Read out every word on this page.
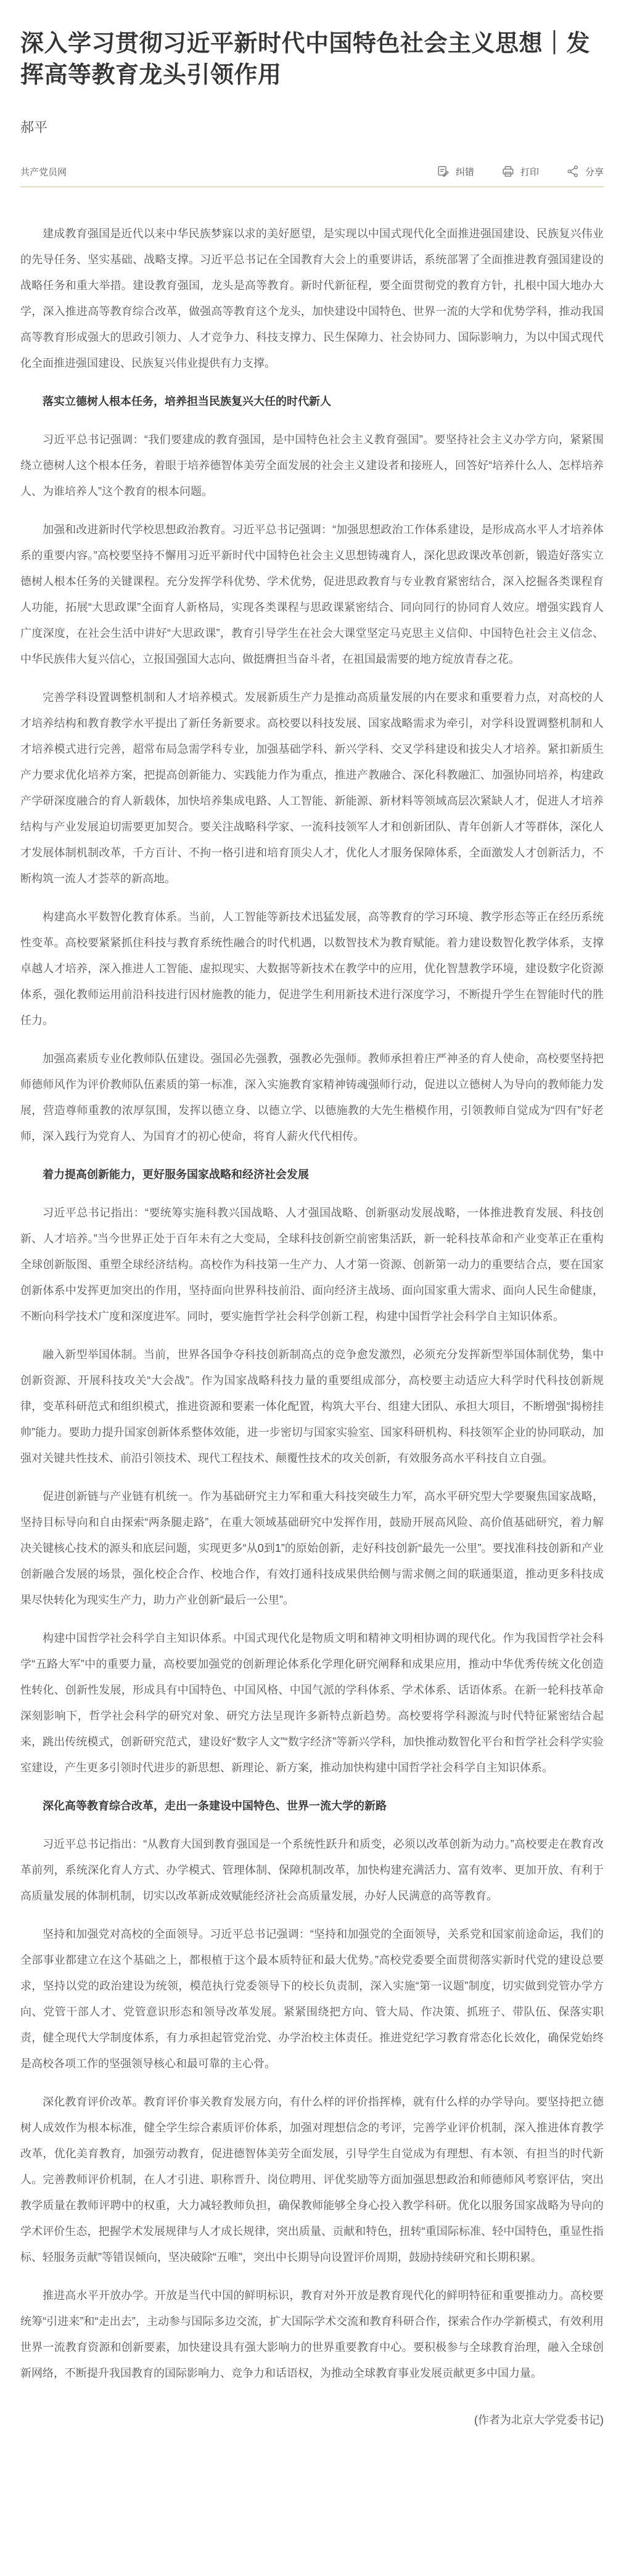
深入学习贯彻习近平新时代中国特色社会主义思想｜发挥高等教育龙头引领作用
郝平
共产党员网	纠错	打印	分享

建成教育强国是近代以来中华民族梦寐以求的美好愿望，是实现以中国式现代化全面推进强国建设、民族复兴伟业的先导任务、坚实基础、战略支撑。习近平总书记在全国教育大会上的重要讲话，系统部署了全面推进教育强国建设的战略任务和重大举措。建设教育强国，龙头是高等教育。新时代新征程，要全面贯彻党的教育方针，扎根中国大地办大学，深入推进高等教育综合改革，做强高等教育这个龙头，加快建设中国特色、世界一流的大学和优势学科，推动我国高等教育形成强大的思政引领力、人才竞争力、科技支撑力、民生保障力、社会协同力、国际影响力，为以中国式现代化全面推进强国建设、民族复兴伟业提供有力支撑。

落实立德树人根本任务，培养担当民族复兴大任的时代新人

习近平总书记强调：“我们要建成的教育强国，是中国特色社会主义教育强国”。要坚持社会主义办学方向，紧紧围绕立德树人这个根本任务，着眼于培养德智体美劳全面发展的社会主义建设者和接班人，回答好“培养什么人、怎样培养人、为谁培养人”这个教育的根本问题。

加强和改进新时代学校思想政治教育。习近平总书记强调：“加强思想政治工作体系建设，是形成高水平人才培养体系的重要内容。”高校要坚持不懈用习近平新时代中国特色社会主义思想铸魂育人，深化思政课改革创新，锻造好落实立德树人根本任务的关键课程。充分发挥学科优势、学术优势，促进思政教育与专业教育紧密结合，深入挖掘各类课程育人功能，拓展“大思政课”全面育人新格局，实现各类课程与思政课紧密结合、同向同行的协同育人效应。增强实践育人广度深度，在社会生活中讲好“大思政课”，教育引导学生在社会大课堂坚定马克思主义信仰、中国特色社会主义信念、中华民族伟大复兴信心，立报国强国大志向、做挺膺担当奋斗者，在祖国最需要的地方绽放青春之花。

完善学科设置调整机制和人才培养模式。发展新质生产力是推动高质量发展的内在要求和重要着力点，对高校的人才培养结构和教育教学水平提出了新任务新要求。高校要以科技发展、国家战略需求为牵引，对学科设置调整机制和人才培养模式进行完善，超常布局急需学科专业，加强基础学科、新兴学科、交叉学科建设和拔尖人才培养。紧扣新质生产力要求优化培养方案，把提高创新能力、实践能力作为重点，推进产教融合、深化科教融汇、加强协同培养，构建政产学研深度融合的育人新载体，加快培养集成电路、人工智能、新能源、新材料等领域高层次紧缺人才，促进人才培养结构与产业发展迫切需要更加契合。要关注战略科学家、一流科技领军人才和创新团队、青年创新人才等群体，深化人才发展体制机制改革，千方百计、不拘一格引进和培育顶尖人才，优化人才服务保障体系，全面激发人才创新活力，不断构筑一流人才荟萃的新高地。

构建高水平数智化教育体系。当前，人工智能等新技术迅猛发展，高等教育的学习环境、教学形态等正在经历系统性变革。高校要紧紧抓住科技与教育系统性融合的时代机遇，以数智技术为教育赋能。着力建设数智化教学体系，支撑卓越人才培养，深入推进人工智能、虚拟现实、大数据等新技术在教学中的应用，优化智慧教学环境，建设数字化资源体系，强化教师运用前沿科技进行因材施教的能力，促进学生利用新技术进行深度学习，不断提升学生在智能时代的胜任力。

加强高素质专业化教师队伍建设。强国必先强教，强教必先强师。教师承担着庄严神圣的育人使命，高校要坚持把师德师风作为评价教师队伍素质的第一标准，深入实施教育家精神铸魂强师行动，促进以立德树人为导向的教师能力发展，营造尊师重教的浓厚氛围，发挥以德立身、以德立学、以德施教的大先生楷模作用，引领教师自觉成为“四有”好老师，深入践行为党育人、为国育才的初心使命，将育人薪火代代相传。

着力提高创新能力，更好服务国家战略和经济社会发展

习近平总书记指出：“要统筹实施科教兴国战略、人才强国战略、创新驱动发展战略，一体推进教育发展、科技创新、人才培养。”当今世界正处于百年未有之大变局，全球科技创新空前密集活跃，新一轮科技革命和产业变革正在重构全球创新版图、重塑全球经济结构。高校作为科技第一生产力、人才第一资源、创新第一动力的重要结合点，要在国家创新体系中发挥更加突出的作用，坚持面向世界科技前沿、面向经济主战场、面向国家重大需求、面向人民生命健康，不断向科学技术广度和深度进军。同时，要实施哲学社会科学创新工程，构建中国哲学社会科学自主知识体系。

融入新型举国体制。当前，世界各国争夺科技创新制高点的竞争愈发激烈，必须充分发挥新型举国体制优势，集中创新资源、开展科技攻关“大会战”。作为国家战略科技力量的重要组成部分，高校要主动适应大科学时代科技创新规律，变革科研范式和组织模式，推进资源和要素一体化配置，构筑大平台、组建大团队、承担大项目，不断增强“揭榜挂帅”能力。要助力提升国家创新体系整体效能，进一步密切与国家实验室、国家科研机构、科技领军企业的协同联动，加强对关键共性技术、前沿引领技术、现代工程技术、颠覆性技术的攻关创新，有效服务高水平科技自立自强。

促进创新链与产业链有机统一。作为基础研究主力军和重大科技突破生力军，高水平研究型大学要聚焦国家战略，坚持目标导向和自由探索“两条腿走路”，在重大领域基础研究中发挥作用，鼓励开展高风险、高价值基础研究，着力解决关键核心技术的源头和底层问题，实现更多“从0到1”的原始创新，走好科技创新“最先一公里”。要找准科技创新和产业创新融合发展的场景，强化校企合作、校地合作，有效打通科技成果供给侧与需求侧之间的联通渠道，推动更多科技成果尽快转化为现实生产力，助力产业创新“最后一公里”。

构建中国哲学社会科学自主知识体系。中国式现代化是物质文明和精神文明相协调的现代化。作为我国哲学社会科学“五路大军”中的重要力量，高校要加强党的创新理论体系化学理化研究阐释和成果应用，推动中华优秀传统文化创造性转化、创新性发展，形成具有中国特色、中国风格、中国气派的学科体系、学术体系、话语体系。在新一轮科技革命深刻影响下，哲学社会科学的研究对象、研究方法呈现许多新特点新趋势。高校要将学科源流与时代特征紧密结合起来，跳出传统模式，创新研究范式，建设好“数字人文”“数字经济”等新兴学科，加快推动数智化平台和哲学社会科学实验室建设，产生更多引领时代进步的新思想、新理论、新方案，推动加快构建中国哲学社会科学自主知识体系。

深化高等教育综合改革，走出一条建设中国特色、世界一流大学的新路

习近平总书记指出：“从教育大国到教育强国是一个系统性跃升和质变，必须以改革创新为动力。”高校要走在教育改革前列，系统深化育人方式、办学模式、管理体制、保障机制改革，加快构建充满活力、富有效率、更加开放、有利于高质量发展的体制机制，切实以改革新成效赋能经济社会高质量发展，办好人民满意的高等教育。

坚持和加强党对高校的全面领导。习近平总书记强调：“坚持和加强党的全面领导，关系党和国家前途命运，我们的全部事业都建立在这个基础之上，都根植于这个最本质特征和最大优势。”高校党委要全面贯彻落实新时代党的建设总要求，坚持以党的政治建设为统领，模范执行党委领导下的校长负责制，深入实施“第一议题”制度，切实做到党管办学方向、党管干部人才、党管意识形态和领导改革发展。紧紧围绕把方向、管大局、作决策、抓班子、带队伍、保落实职责，健全现代大学制度体系，有力承担起管党治党、办学治校主体责任。推进党纪学习教育常态化长效化，确保党始终是高校各项工作的坚强领导核心和最可靠的主心骨。

深化教育评价改革。教育评价事关教育发展方向，有什么样的评价指挥棒，就有什么样的办学导向。要坚持把立德树人成效作为根本标准，健全学生综合素质评价体系，加强对理想信念的考评，完善学业评价机制，深入推进体育教学改革，优化美育教育，加强劳动教育，促进德智体美劳全面发展，引导学生自觉成为有理想、有本领、有担当的时代新人。完善教师评价机制，在人才引进、职称晋升、岗位聘用、评优奖励等方面加强思想政治和师德师风考察评估，突出教学质量在教师评聘中的权重，大力减轻教师负担，确保教师能够全身心投入教学科研。优化以服务国家战略为导向的学术评价生态，把握学术发展规律与人才成长规律，突出质量、贡献和特色，扭转“重国际标准、轻中国特色，重显性指标、轻服务贡献”等错误倾向，坚决破除“五唯”，突出中长期导向设置评价周期，鼓励持续研究和长期积累。

推进高水平开放办学。开放是当代中国的鲜明标识，教育对外开放是教育现代化的鲜明特征和重要推动力。高校要统筹“引进来”和“走出去”，主动参与国际多边交流，扩大国际学术交流和教育科研合作，探索合作办学新模式，有效利用世界一流教育资源和创新要素，加快建设具有强大影响力的世界重要教育中心。要积极参与全球教育治理，融入全球创新网络，不断提升我国教育的国际影响力、竞争力和话语权，为推动全球教育事业发展贡献更多中国力量。

(作者为北京大学党委书记)
